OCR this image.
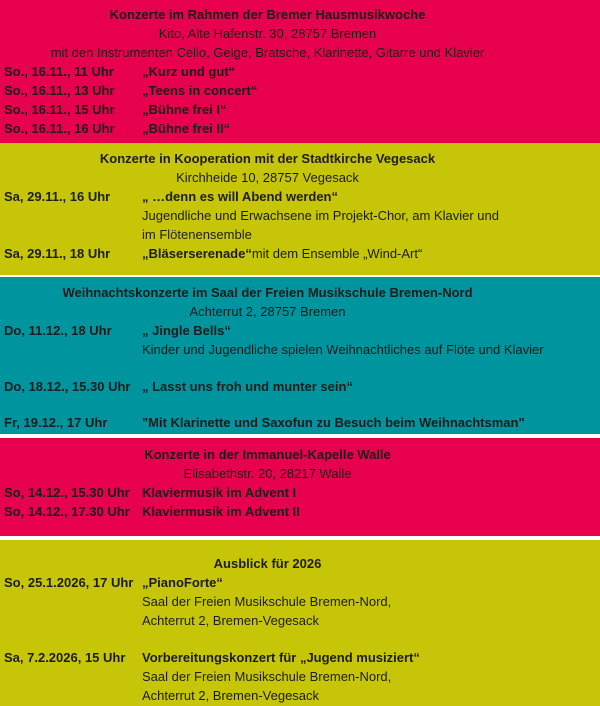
Konzerte im Rahmen der Bremer Hausmusikwoche
Kito, Alte Hafenstr. 30, 28757 Bremen
mit den Instrumenten Cello, Geige, Bratsche, Klarinette, Gitarre und Klavier
So., 16.11., 11 Uhr	„Kurz und gut“
So., 16.11., 13 Uhr	„Teens in concert“
So., 16.11., 15 Uhr	„Bühne frei I“
So., 16.11., 16 Uhr	„Bühne frei II“
Konzerte in Kooperation mit der Stadtkirche Vegesack
Kirchheide 10, 28757 Vegesack
Sa, 29.11., 16 Uhr	„ …denn es will Abend werden“
Jugendliche und Erwachsene im Projekt-Chor, am Klavier und
im Flötenensemble
Sa, 29.11., 18 Uhr	„Bläserserenade“ mit dem Ensemble „Wind-Art“
Weihnachtskonzerte im Saal der Freien Musikschule Bremen-Nord
Achterrut 2, 28757 Bremen
Do, 11.12., 18 Uhr	„ Jingle Bells“
Kinder und Jugendliche spielen Weihnachtliches auf Flöte und Klavier
Do, 18.12., 15.30 Uhr „ Lasst uns froh und munter sein“
Fr, 19.12., 17 Uhr	"Mit Klarinette und Saxofun zu Besuch beim Weihnachtsman"
Konzerte in der Immanuel-Kapelle Walle
Elisabethstr. 20, 28217 Walle
So, 14.12., 15.30 Uhr Klaviermusik im Advent I
So, 14.12., 17.30 Uhr Klaviermusik im Advent II
Ausblick für 2026
So, 25.1.2026, 17 Uhr „PianoForte“
Saal der Freien Musikschule Bremen-Nord,
Achterrut 2, Bremen-Vegesack
Sa, 7.2.2026, 15 Uhr	Vorbereitungskonzert für „Jugend musiziert“
Saal der Freien Musikschule Bremen-Nord,
Achterrut 2, Bremen-Vegesack
